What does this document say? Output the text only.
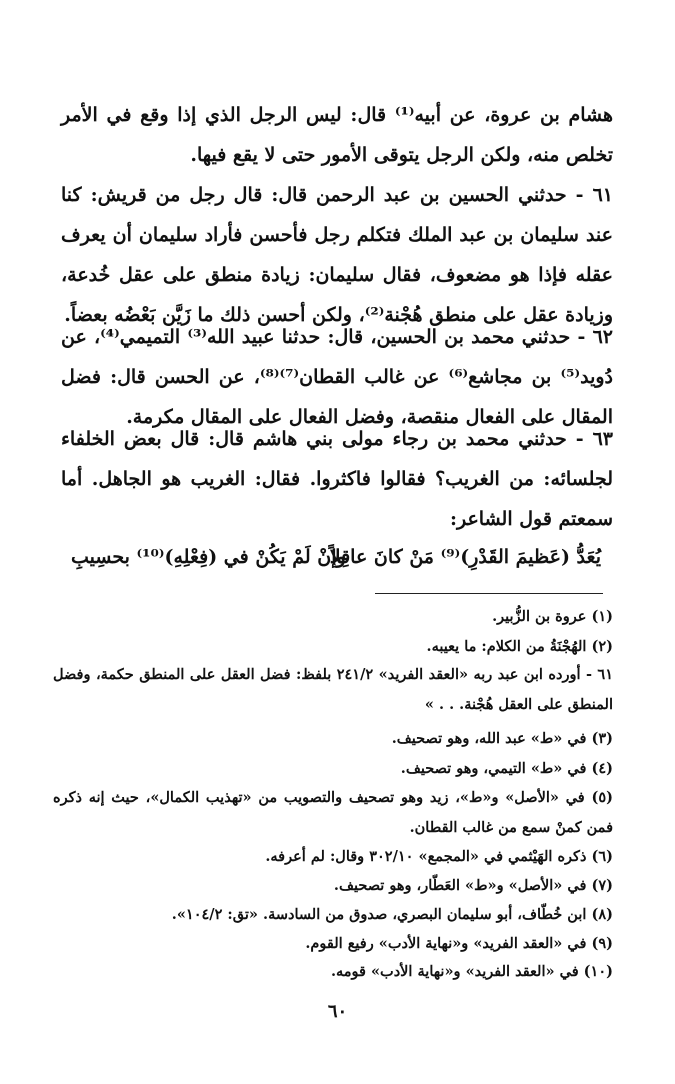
هشام بن عروة، عن أبيه⁽¹⁾ قال: ليس الرجل الذي إذا وقع في الأمر تخلص منه، ولكن الرجل يتوقى الأمور حتى لا يقع فيها.

٦١ - حدثني الحسين بن عبد الرحمن قال: قال رجل من قريش: كنا عند سليمان بن عبد الملك فتكلم رجل فأحسن فأراد سليمان أن يعرف عقله فإذا هو مضعوف، فقال سليمان: زيادة منطق على عقل خُدعة، وزيادة عقل على منطق هُجْنة⁽²⁾، ولكن أحسن ذلك ما زَيَّن بَعْضُه بعضاً.

٦٢ - حدثني محمد بن الحسين، قال: حدثنا عبيد الله⁽³⁾ التميمي⁽⁴⁾، عن دُويد⁽⁵⁾ بن مجاشع⁽⁶⁾ عن غالب القطان⁽⁷⁾⁽⁸⁾، عن الحسن قال: فضل المقال على الفعال منقصة، وفضل الفعال على المقال مكرمة.

٦٣ - حدثني محمد بن رجاء مولى بني هاشم قال: قال بعض الخلفاء لجلسائه: من الغريب؟ فقالوا فاكثروا. فقال: الغريب هو الجاهل. أما سمعتم قول الشاعر:

يُعَدُّ (عَظيمَ القَدْرِ)⁽⁹⁾ مَنْ كانَ عاقِلاً
وإنْ لَمْ يَكُنْ في (فِعْلِهِ)⁽¹⁰⁾ بحسِيبِ

(١) عروة بن الزُّبير.

(٢) الهُجْنَةُ من الكلام: ما يعيبه.

٦١ - أورده ابن عبد ربه «العقد الفريد» ٢٤١/٢ بلفظ: فضل العقل على المنطق حكمة، وفضل المنطق على العقل هُجْنة. . . »

(٣) في «ط» عبد الله، وهو تصحيف.

(٤) في «ط» التيمي، وهو تصحيف.

(٥) في «الأصل» و«ط»، زيد وهو تصحيف والتصويب من «تهذيب الكمال»، حيث إنه ذكره فمن كمنْ سمع من غالب القطان.

(٦) ذكره الهَيْثمي في «المجمع» ٣٠٢/١٠ وقال: لم أعرفه.

(٧) في «الأصل» و«ط» العَطّار، وهو تصحيف.

(٨) ابن خُطّاف، أبو سليمان البصري، صدوق من السادسة. «تق: ١٠٤/٢».

(٩) في «العقد الفريد» و«نهاية الأدب» رفيع القوم.

(١٠) في «العقد الفريد» و«نهاية الأدب» قومه.

٦٠
